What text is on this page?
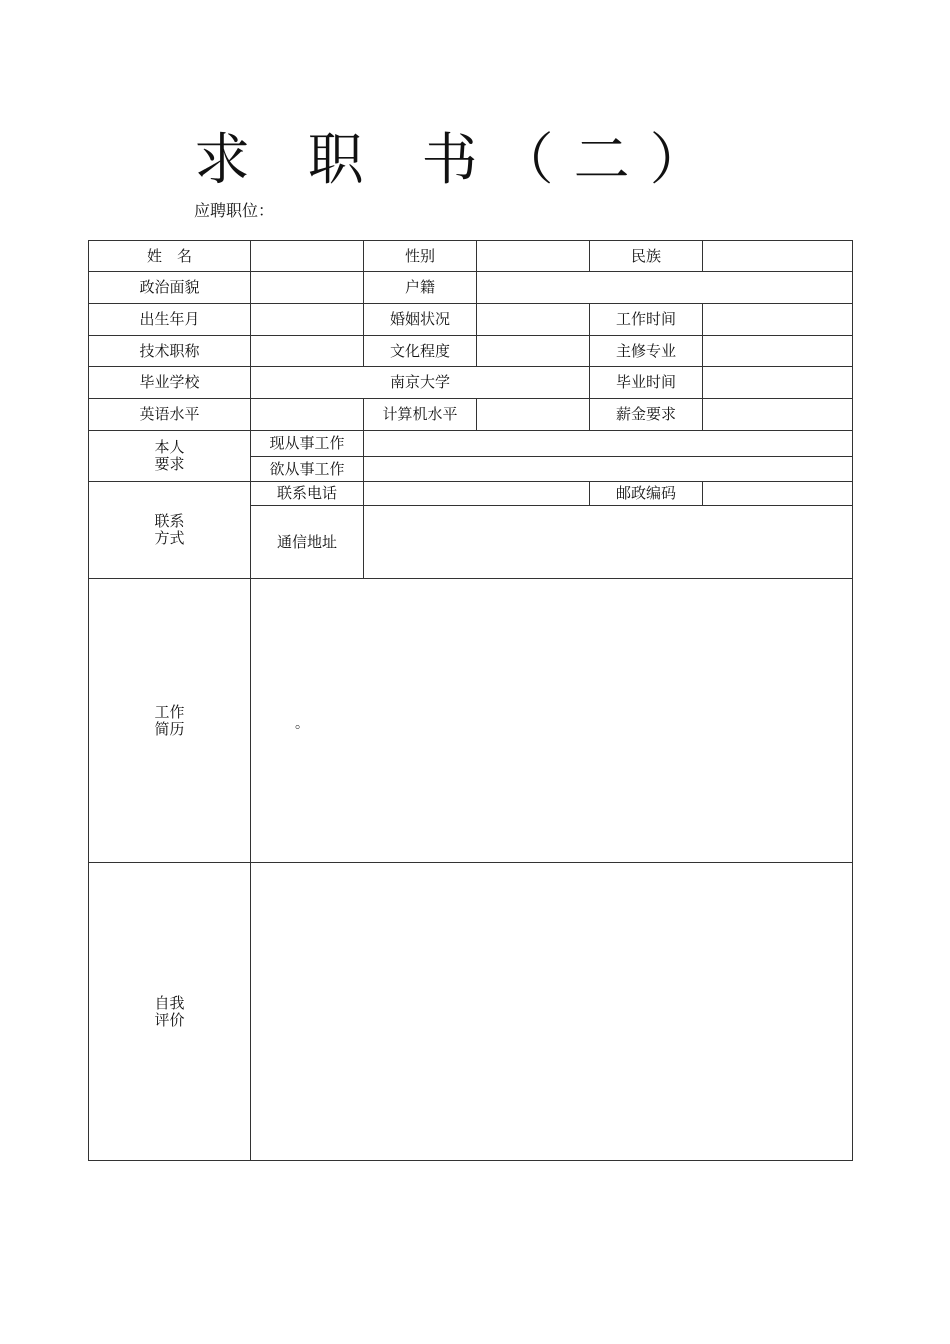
求 职 书（二）
应聘职位：
姓　名		性别		民族	
政治面貌		户籍			
出生年月		婚姻状况		工作时间	
技术职称		文化程度		主修专业	
毕业学校	南京大学			毕业时间	
英语水平		计算机水平		薪金要求	
本人
要求	现从事工作				
	欲从事工作				
联系
方式	联系电话			邮政编码	
	通信地址				
工作
简历	。				
自我
评价					
